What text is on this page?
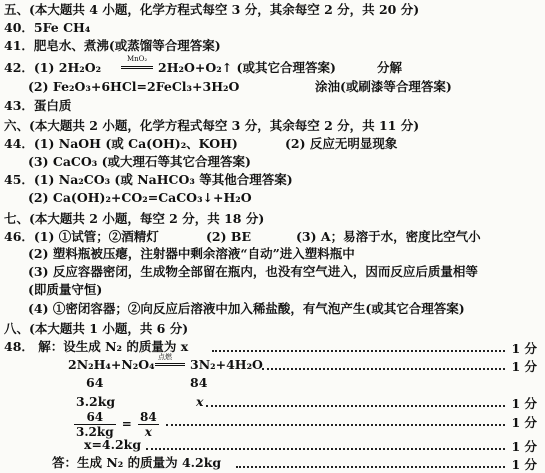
五、(本大题共 4 小题，化学方程式每空 3 分，其余每空 2 分，共 20 分)
40．5Fe CH₄
41．肥皂水、煮沸(或蒸馏等合理答案)
42．(1) 2H₂O₂
MnO₂
2H₂O+O₂↑ (或其它合理答案)	分解
(2) Fe₂O₃+6HCl=2FeCl₃+3H₂O	涂油(或刷漆等合理答案)
43．蛋白质
六、(本大题共 2 小题，化学方程式每空 3 分，其余每空 2 分，共 11 分)
44．(1) NaOH (或 Ca(OH)₂、KOH)	(2) 反应无明显现象
(3) CaCO₃ (或大理石等其它合理答案)
45．(1) Na₂CO₃ (或 NaHCO₃ 等其他合理答案)
(2) Ca(OH)₂+CO₂=CaCO₃↓+H₂O
七、(本大题共 2 小题，每空 2 分，共 18 分)
46．(1) ①试管；②酒精灯	(2) BE	(3) A；易溶于水，密度比空气小
(2) 塑料瓶被压瘪，注射器中剩余溶液“自动”进入塑料瓶中
(3) 反应容器密闭，生成物全部留在瓶内，也没有空气进入，因而反应后质量相等
(即质量守恒)
(4) ①密闭容器；②向反应后溶液中加入稀盐酸，有气泡产生(或其它合理答案)
八、(本大题共 1 小题，共 6 分)
48． 解：设生成 N₂ 的质量为 x	1 分
2N₂H₄+N₂O₄ 点燃 3N₂+4H₂O	1 分
64	84
3.2kg	x	1 分
$\frac{64}{3.2kg} = \frac{84}{x}$	1 分
x=4.2kg	1 分
答：生成 N₂ 的质量为 4.2kg	1 分
